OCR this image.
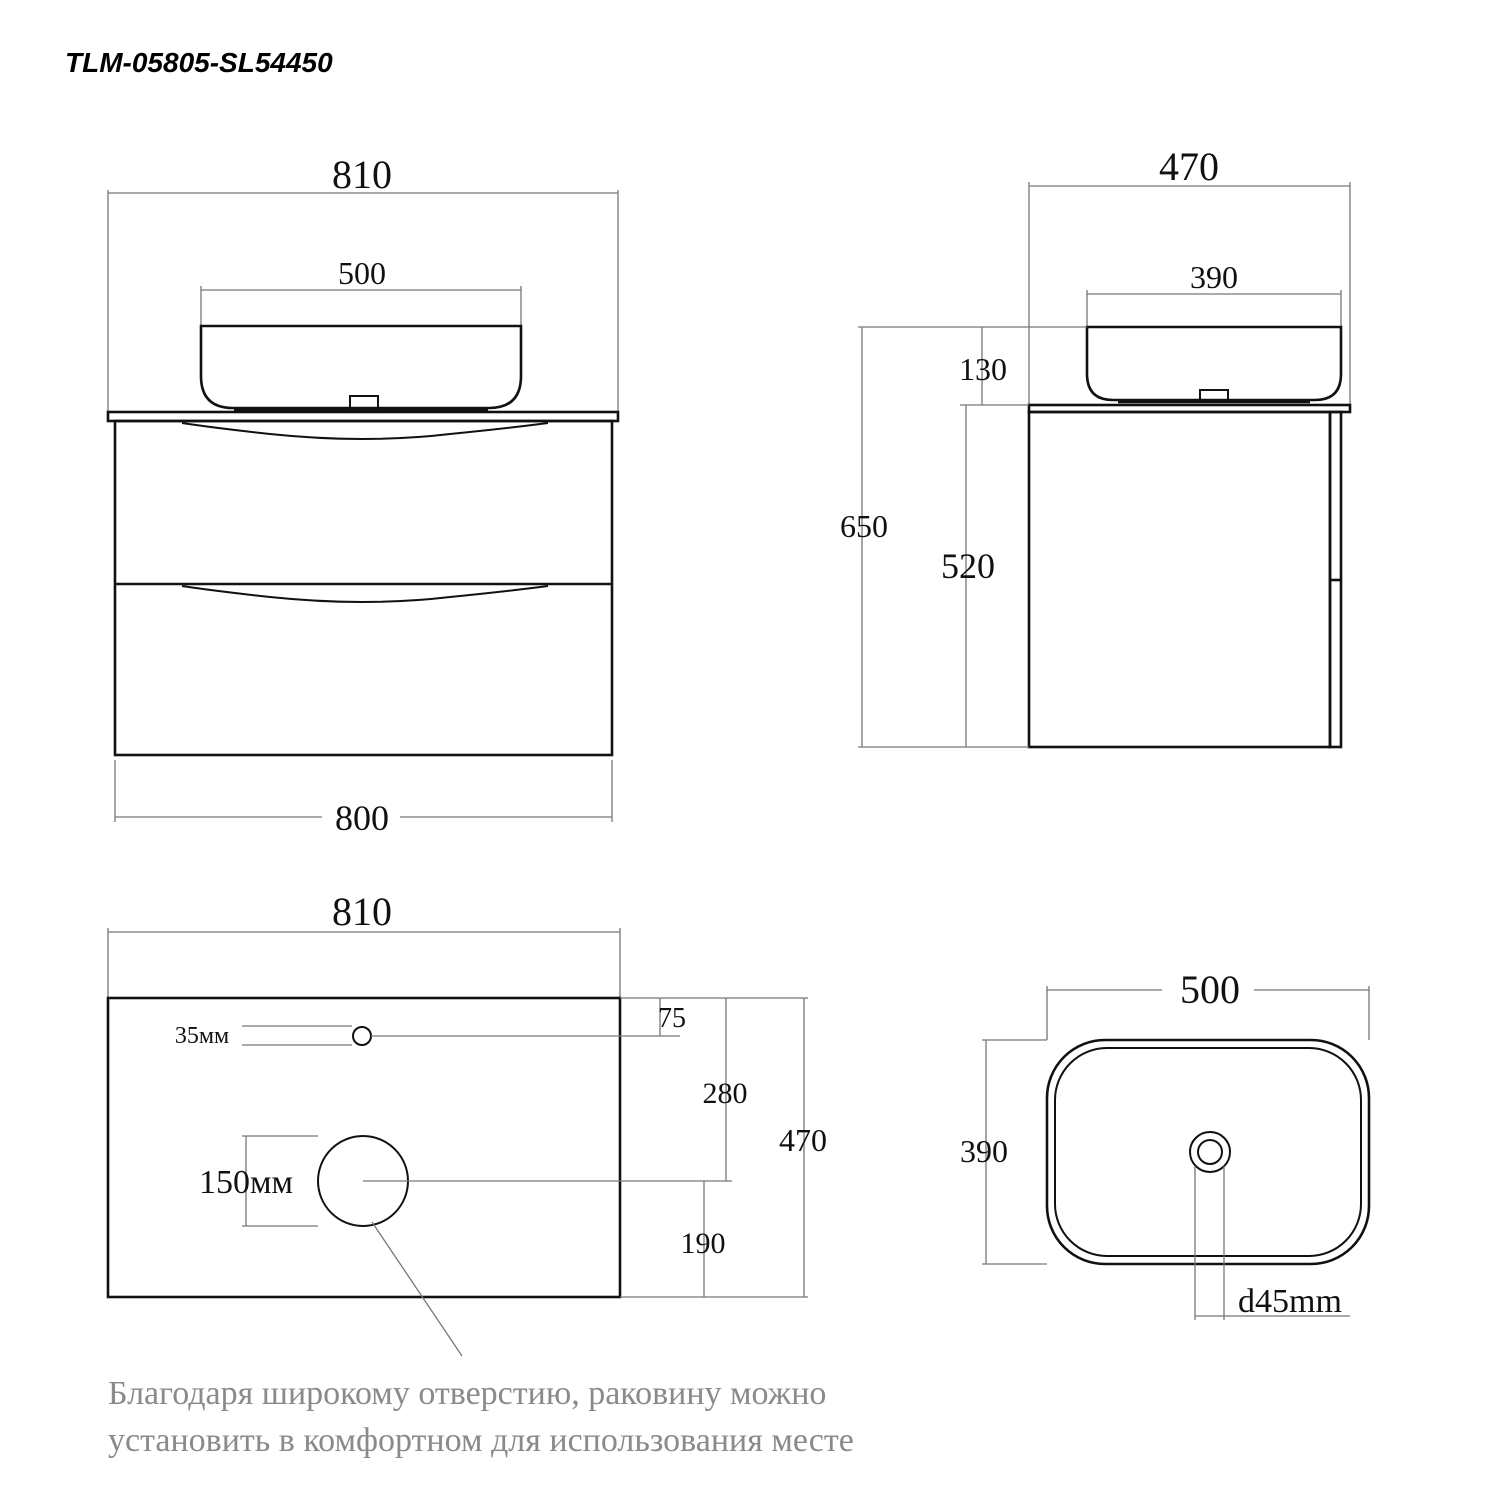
TLM-05805-SL54450
810
500
800
470
390
130
650
520
810
35мм
150мм
75
280
470
190
500
d45mm
390
Благодаря широкому отверстию, раковину можно
установить в комфортном для использования месте
